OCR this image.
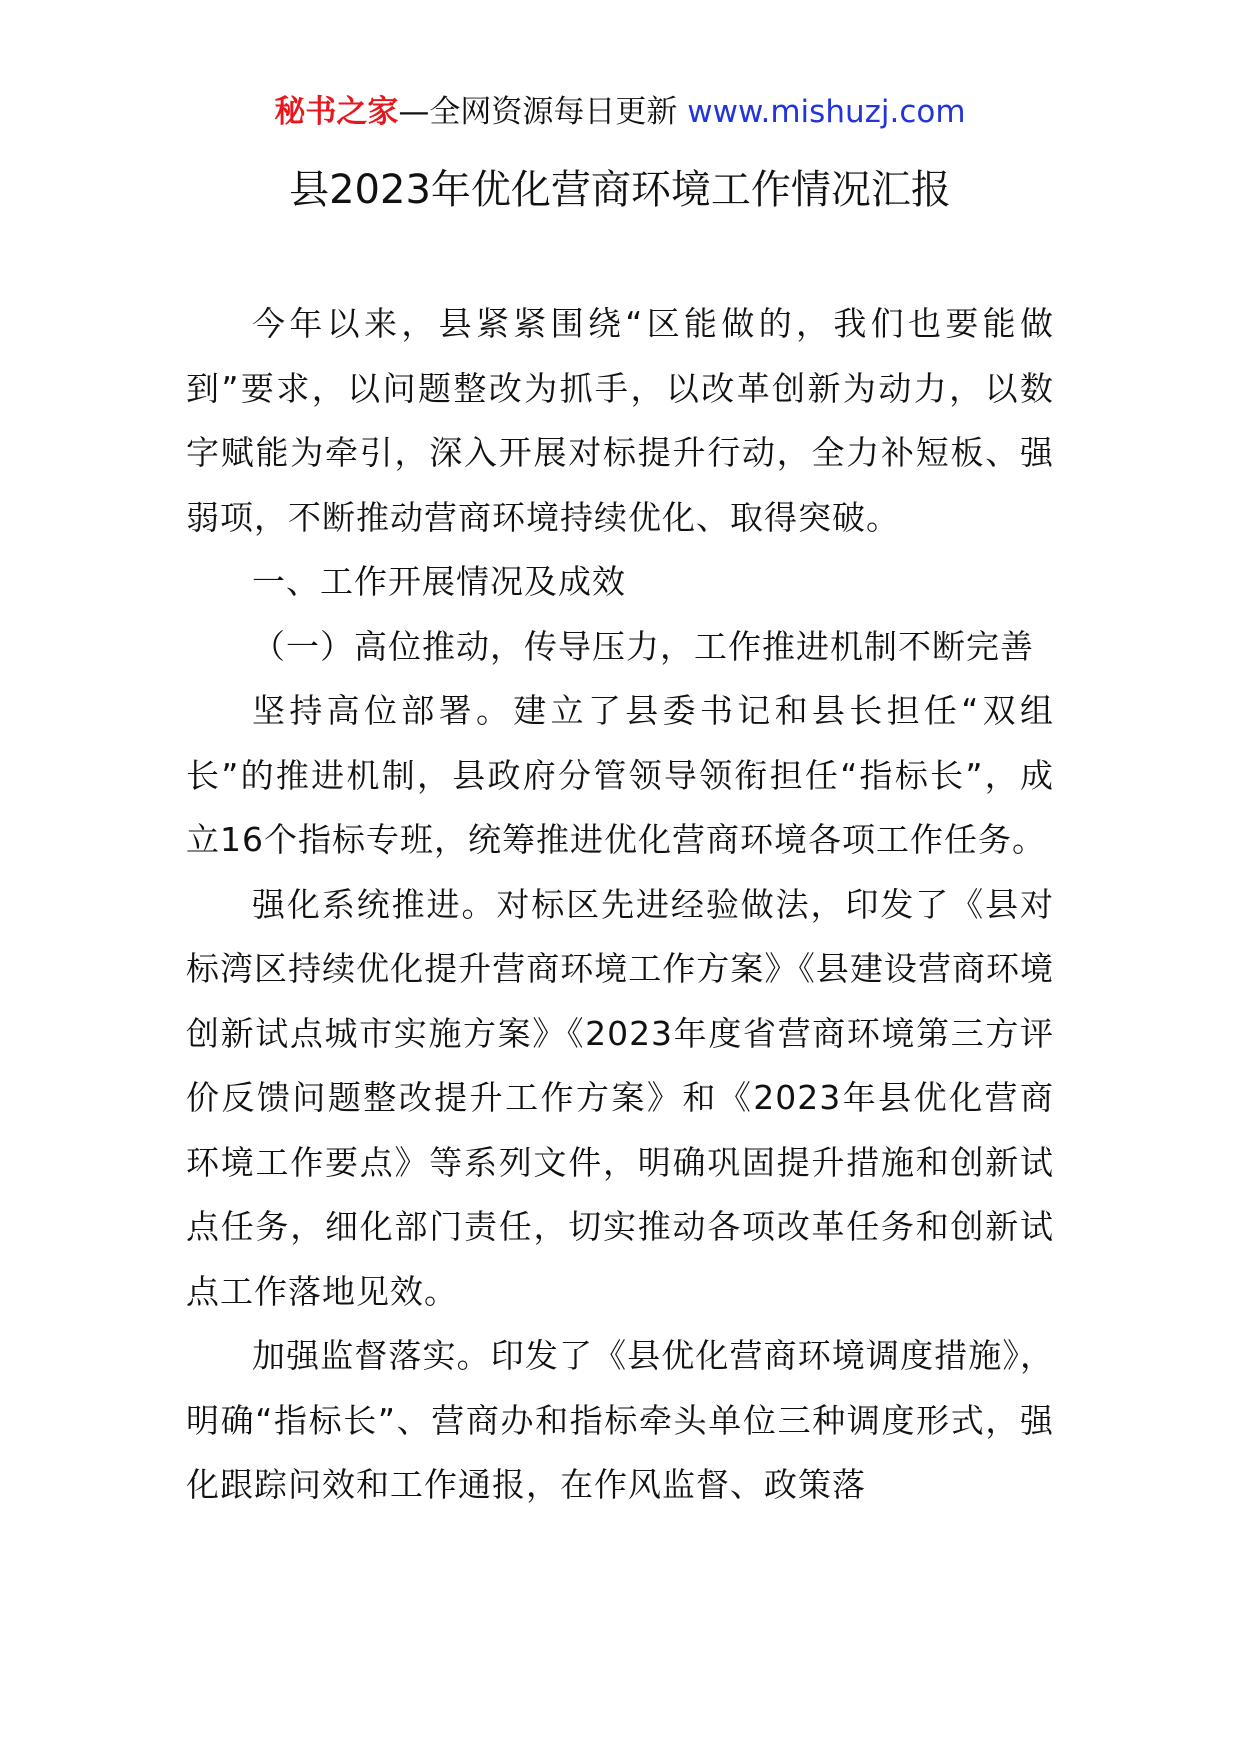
秘书之家—全网资源每日更新 www.mishuzj.com
县2023年优化营商环境工作情况汇报

今年以来，县紧紧围绕“区能做的，我们也要能做到”要求，以问题整改为抓手，以改革创新为动力，以数字赋能为牵引，深入开展对标提升行动，全力补短板、强弱项，不断推动营商环境持续优化、取得突破。

一、工作开展情况及成效

（一）高位推动，传导压力，工作推进机制不断完善

坚持高位部署。建立了县委书记和县长担任“双组长”的推进机制，县政府分管领导领衔担任“指标长”，成立16个指标专班，统筹推进优化营商环境各项工作任务。

强化系统推进。对标区先进经验做法，印发了《县对标湾区持续优化提升营商环境工作方案》《县建设营商环境创新试点城市实施方案》《2023年度省营商环境第三方评价反馈问题整改提升工作方案》和《2023年县优化营商环境工作要点》等系列文件，明确巩固提升措施和创新试点任务，细化部门责任，切实推动各项改革任务和创新试点工作落地见效。

加强监督落实。印发了《县优化营商环境调度措施》，明确“指标长”、营商办和指标牵头单位三种调度形式，强化跟踪问效和工作通报，在作风监督、政策落
